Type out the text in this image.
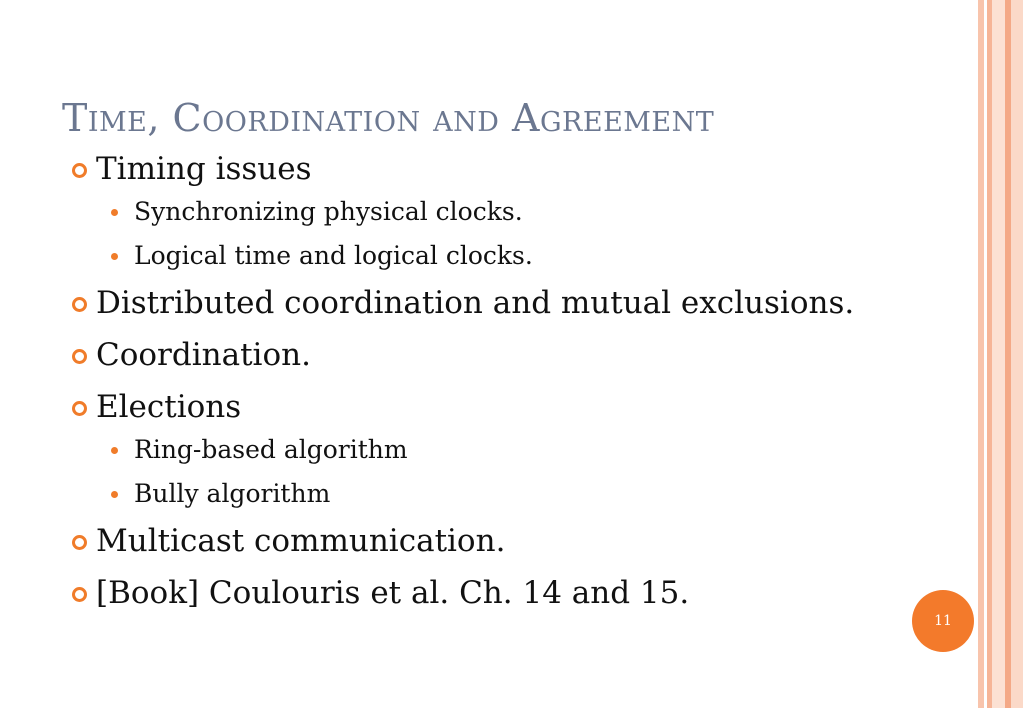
Time, Coordination and Agreement
Timing issues
Synchronizing physical clocks.
Logical time and logical clocks.
Distributed coordination and mutual exclusions.
Coordination.
Elections
Ring-based algorithm
Bully algorithm
Multicast communication.
[Book] Coulouris et al. Ch. 14 and 15.
11
